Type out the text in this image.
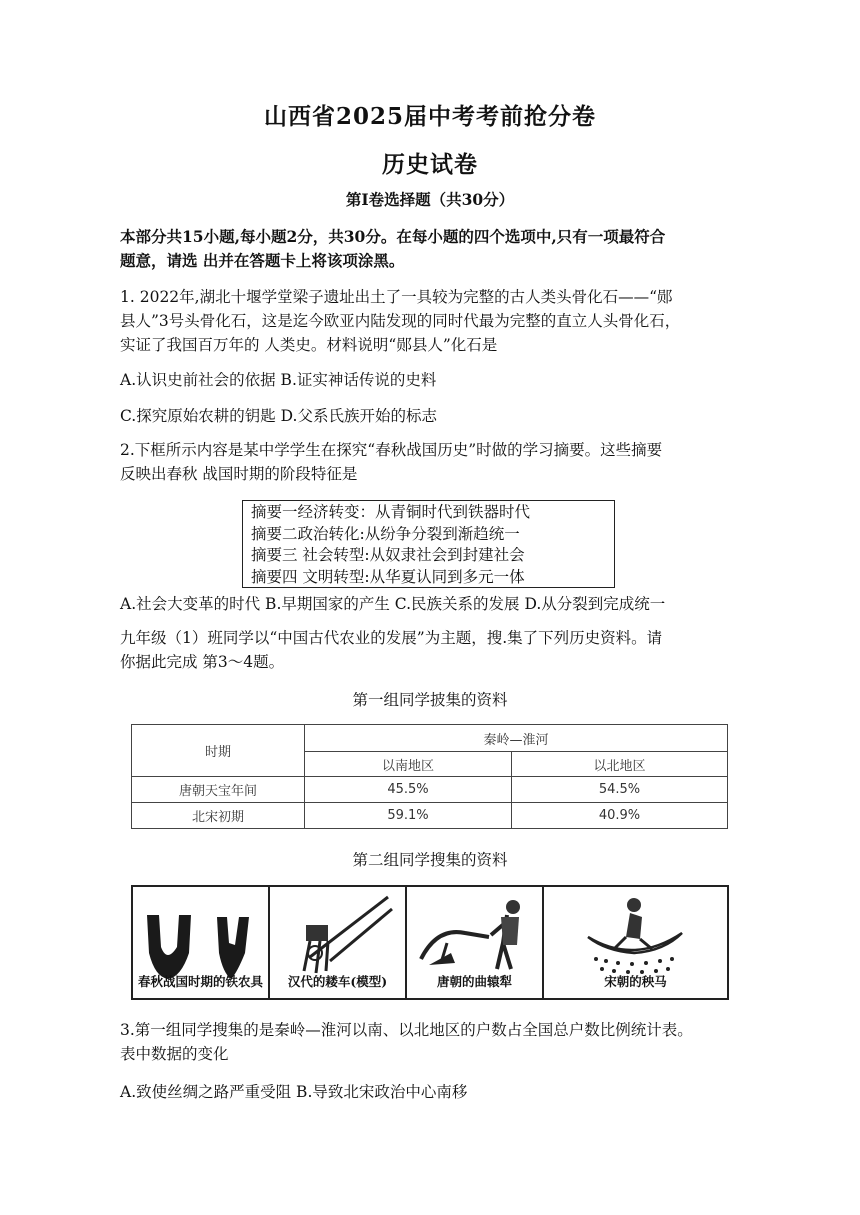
山西省2025届中考考前抢分卷
历史试卷
第I卷选择题（共30分）
本部分共15小题,每小题2分，共30分。在每小题的四个选项中,只有一项最符合
题意，请选 出并在答题卡上将该项涂黑。
1. 2022年,湖北十堰学堂梁子遗址出土了一具较为完整的古人类头骨化石——“郧
县人”3号头骨化石，这是迄今欧亚内陆发现的同时代最为完整的直立人头骨化石，
实证了我国百万年的 人类史。材料说明“郧县人”化石是
A.认识史前社会的依据 B.证实神话传说的史料
C.探究原始农耕的钥匙 D.父系氏族开始的标志
2.下框所示内容是某中学学生在探究“春秋战国历史”时做的学习摘要。这些摘要
反映出春秋 战国时期的阶段特征是
摘要一经济转变：从青铜时代到铁器时代
摘要二政治转化:从纷争分裂到渐趋统一
摘要三 社会转型:从奴隶社会到封建社会
摘要四 文明转型:从华夏认同到多元一体
A.社会大变革的时代 B.早期国家的产生 C.民族关系的发展 D.从分裂到完成统一
九年级（1）班同学以“中国古代农业的发展”为主题，搜.集了下列历史资料。请
你据此完成 第3～4题。
第一组同学披集的资料
时期	秦岭—淮河	
	以南地区	以北地区
唐朝天宝年间	45.5%	54.5%
北宋初期	59.1%	40.9%
第二组同学搜集的资料
春秋战国时期的铁农具	汉代的耧车(模型)	唐朝的曲辕犁	宋朝的秧马
3.第一组同学搜集的是秦岭—淮河以南、以北地区的户数占全国总户数比例统计表。
表中数据的变化
A.致使丝绸之路严重受阻 B.导致北宋政治中心南移
